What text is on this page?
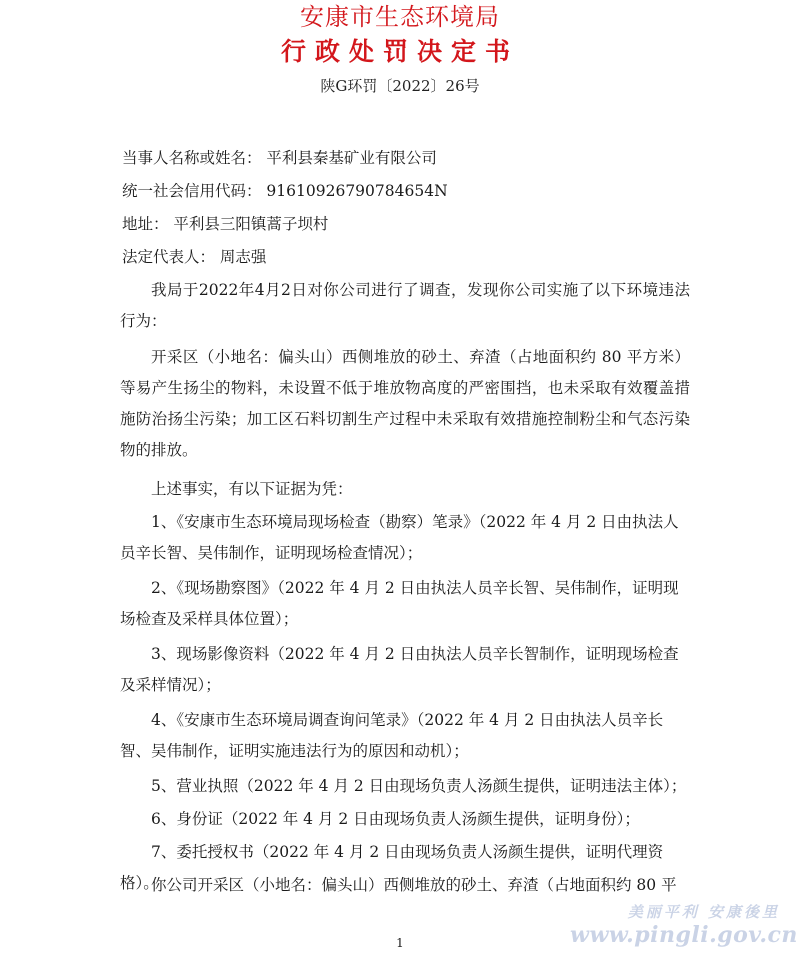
安康市生态环境局
行政处罚决定书
陕G环罚〔2022〕26号
当事人名称或姓名： 平利县秦基矿业有限公司
统一社会信用代码： 91610926790784654N
地址： 平利县三阳镇蒿子坝村
法定代表人： 周志强
我局于2022年4月2日对你公司进行了调查，发现你公司实施了以下环境违法行为：
开采区（小地名：偏头山）西侧堆放的砂土、弃渣（占地面积约 80 平方米）等易产生扬尘的物料，未设置不低于堆放物高度的严密围挡，也未采取有效覆盖措施防治扬尘污染；加工区石料切割生产过程中未采取有效措施控制粉尘和气态污染物的排放。
上述事实，有以下证据为凭：
1、《安康市生态环境局现场检查（勘察）笔录》（2022 年 4 月 2 日由执法人员辛长智、吴伟制作，证明现场检查情况）；
2、《现场勘察图》（2022 年 4 月 2 日由执法人员辛长智、吴伟制作，证明现场检查及采样具体位置）；
3、现场影像资料（2022 年 4 月 2 日由执法人员辛长智制作，证明现场检查及采样情况）；
4、《安康市生态环境局调查询问笔录》（2022 年 4 月 2 日由执法人员辛长智、吴伟制作，证明实施违法行为的原因和动机）；
5、营业执照（2022 年 4 月 2 日由现场负责人汤颜生提供，证明违法主体）；
6、身份证（2022 年 4 月 2 日由现场负责人汤颜生提供，证明身份）；
7、委托授权书（2022 年 4 月 2 日由现场负责人汤颜生提供，证明代理资格）。
你公司开采区（小地名：偏头山）西侧堆放的砂土、弃渣（占地面积约 80 平
1
美丽平利 安康後里
www.pingli.gov.cn
